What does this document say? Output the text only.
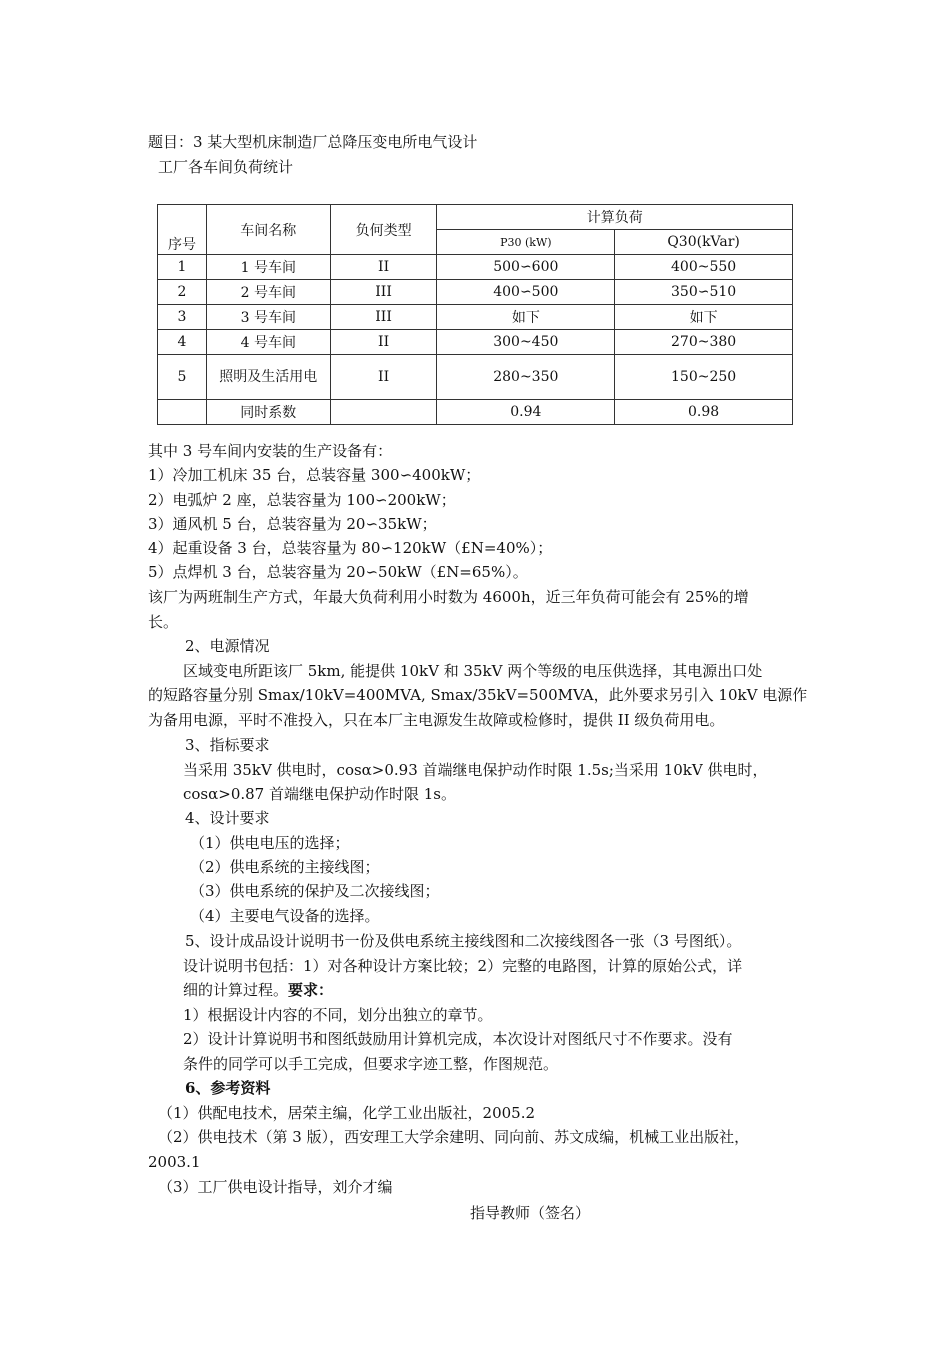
题目：3 某大型机床制造厂总降压变电所电气设计
工厂各车间负荷统计
序号	车间名称	负何类型	计算负荷	
			P30 (kW)	Q30(kVar)
1	1 号车间	II	500∽600	400~550
2	2 号车间	III	400∽500	350∽510
3	3 号车间	III	如下	如下
4	4 号车间	II	300~450	270~380
5	照明及生活用电	II	280~350	150~250
	同时系数		0.94	0.98
其中 3 号车间内安装的生产设备有：
1）冷加工机床 35 台，总装容量 300∽400kW；
2）电弧炉 2 座，总装容量为 100∽200kW；
3）通风机 5 台，总装容量为 20∽35kW；
4）起重设备 3 台，总装容量为 80∽120kW（£N=40%）；
5）点焊机 3 台，总装容量为 20∽50kW（£N=65%）。
该厂为两班制生产方式，年最大负荷利用小时数为 4600h，近三年负荷可能会有 25%的增
长。
2、电源情况
区域变电所距该厂 5km, 能提供 10kV 和 35kV 两个等级的电压供选择，其电源出口处
的短路容量分别 Smax/10kV=400MVA, Smax/35kV=500MVA，此外要求另引入 10kV 电源作
为备用电源，平时不准投入，只在本厂主电源发生故障或检修时，提供 II 级负荷用电。
3、指标要求
当采用 35kV 供电时，cosα>0.93 首端继电保护动作时限 1.5s;当采用 10kV 供电时，
cosα>0.87 首端继电保护动作时限 1s。
4、设计要求
（1）供电电压的选择；
（2）供电系统的主接线图；
（3）供电系统的保护及二次接线图；
（4）主要电气设备的选择。
5、设计成品设计说明书一份及供电系统主接线图和二次接线图各一张（3 号图纸）。
设计说明书包括：1）对各种设计方案比较；2）完整的电路图，计算的原始公式，详
细的计算过程。要求：
1）根据设计内容的不同，划分出独立的章节。
2）设计计算说明书和图纸鼓励用计算机完成，本次设计对图纸尺寸不作要求。没有
条件的同学可以手工完成，但要求字迹工整，作图规范。
6、参考资料
（1）供配电技术，居荣主编，化学工业出版社，2005.2
（2）供电技术（第 3 版），西安理工大学余建明、同向前、苏文成编，机械工业出版社，
2003.1
（3）工厂供电设计指导，刘介才编
指导教师（签名）
